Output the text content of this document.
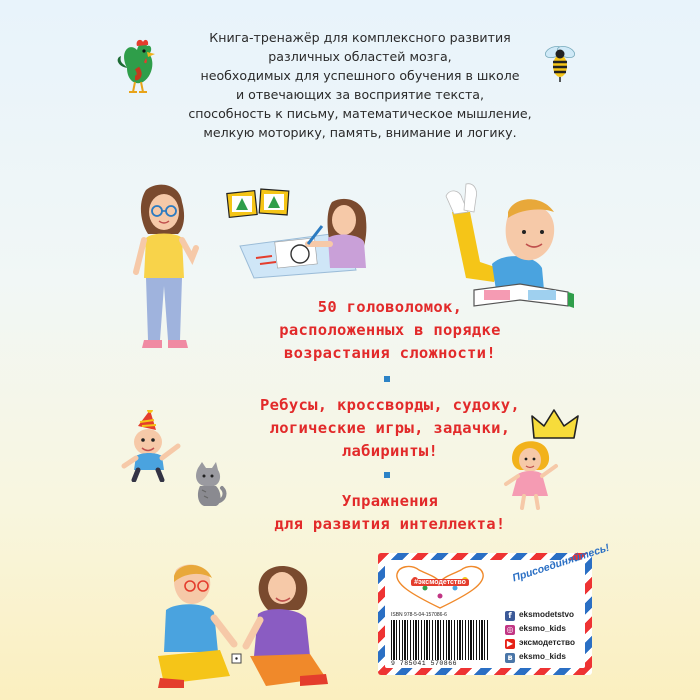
Книга-тренажёр для комплексного развития
различных областей мозга,
необходимых для успешного обучения в школе
и отвечающих за восприятие текста,
способность к письму, математическое мышление,
мелкую моторику, память, внимание и логику.
50 головоломок,
расположенных в порядке
возрастания сложности!
Ребусы, кроссворды, судоку,
логические игры, задачки,
лабиринты!
Упражнения
для развития интеллекта!
#эксмодетство	Присоединяйтесь!
ISBN 978-5-04-157086-6
9 785041 570866
f eksmodetstvo
◎ eksmo_kids
▶ эксмодетство
в eksmo_kids
